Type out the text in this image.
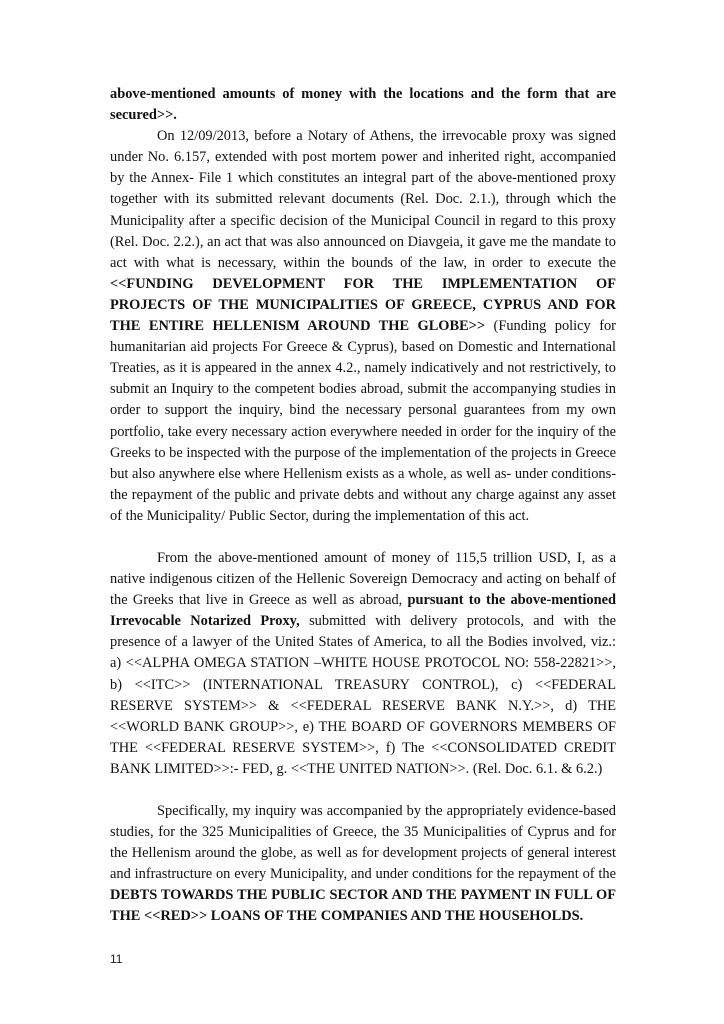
above-mentioned amounts of money with the locations and the form that are secured>>.

On 12/09/2013, before a Notary of Athens, the irrevocable proxy was signed under No. 6.157, extended with post mortem power and inherited right, accompanied by the Annex- File 1 which constitutes an integral part of the above-mentioned proxy together with its submitted relevant documents (Rel. Doc. 2.1.), through which the Municipality after a specific decision of the Municipal Council in regard to this proxy (Rel. Doc. 2.2.), an act that was also announced on Diavgeia, it gave me the mandate to act with what is necessary, within the bounds of the law, in order to execute the <<FUNDING DEVELOPMENT FOR THE IMPLEMENTATION OF PROJECTS OF THE MUNICIPALITIES OF GREECE, CYPRUS AND FOR THE ENTIRE HELLENISM AROUND THE GLOBE>> (Funding policy for humanitarian aid projects For Greece & Cyprus), based on Domestic and International Treaties, as it is appeared in the annex 4.2., namely indicatively and not restrictively, to submit an Inquiry to the competent bodies abroad, submit the accompanying studies in order to support the inquiry, bind the necessary personal guarantees from my own portfolio, take every necessary action everywhere needed in order for the inquiry of the Greeks to be inspected with the purpose of the implementation of the projects in Greece but also anywhere else where Hellenism exists as a whole, as well as- under conditions- the repayment of the public and private debts and without any charge against any asset of the Municipality/ Public Sector, during the implementation of this act.

From the above-mentioned amount of money of 115,5 trillion USD, I, as a native indigenous citizen of the Hellenic Sovereign Democracy and acting on behalf of the Greeks that live in Greece as well as abroad, pursuant to the above-mentioned Irrevocable Notarized Proxy, submitted with delivery protocols, and with the presence of a lawyer of the United States of America, to all the Bodies involved, viz.: a) <<ALPHA OMEGA STATION –WHITE HOUSE PROTOCOL NO: 558-22821>>, b) <<ITC>> (INTERNATIONAL TREASURY CONTROL), c) <<FEDERAL RESERVE SYSTEM>> & <<FEDERAL RESERVE BANK N.Y.>>, d) THE <<WORLD BANK GROUP>>, e) THE BOARD OF GOVERNORS MEMBERS OF THE <<FEDERAL RESERVE SYSTEM>>, f) The <<CONSOLIDATED CREDIT BANK LIMITED>>:- FED, g. <<THE UNITED NATION>>. (Rel. Doc. 6.1. & 6.2.)

Specifically, my inquiry was accompanied by the appropriately evidence-based studies, for the 325 Municipalities of Greece, the 35 Municipalities of Cyprus and for the Hellenism around the globe, as well as for development projects of general interest and infrastructure on every Municipality, and under conditions for the repayment of the DEBTS TOWARDS THE PUBLIC SECTOR AND THE PAYMENT IN FULL OF THE <<RED>> LOANS OF THE COMPANIES AND THE HOUSEHOLDS.

11
